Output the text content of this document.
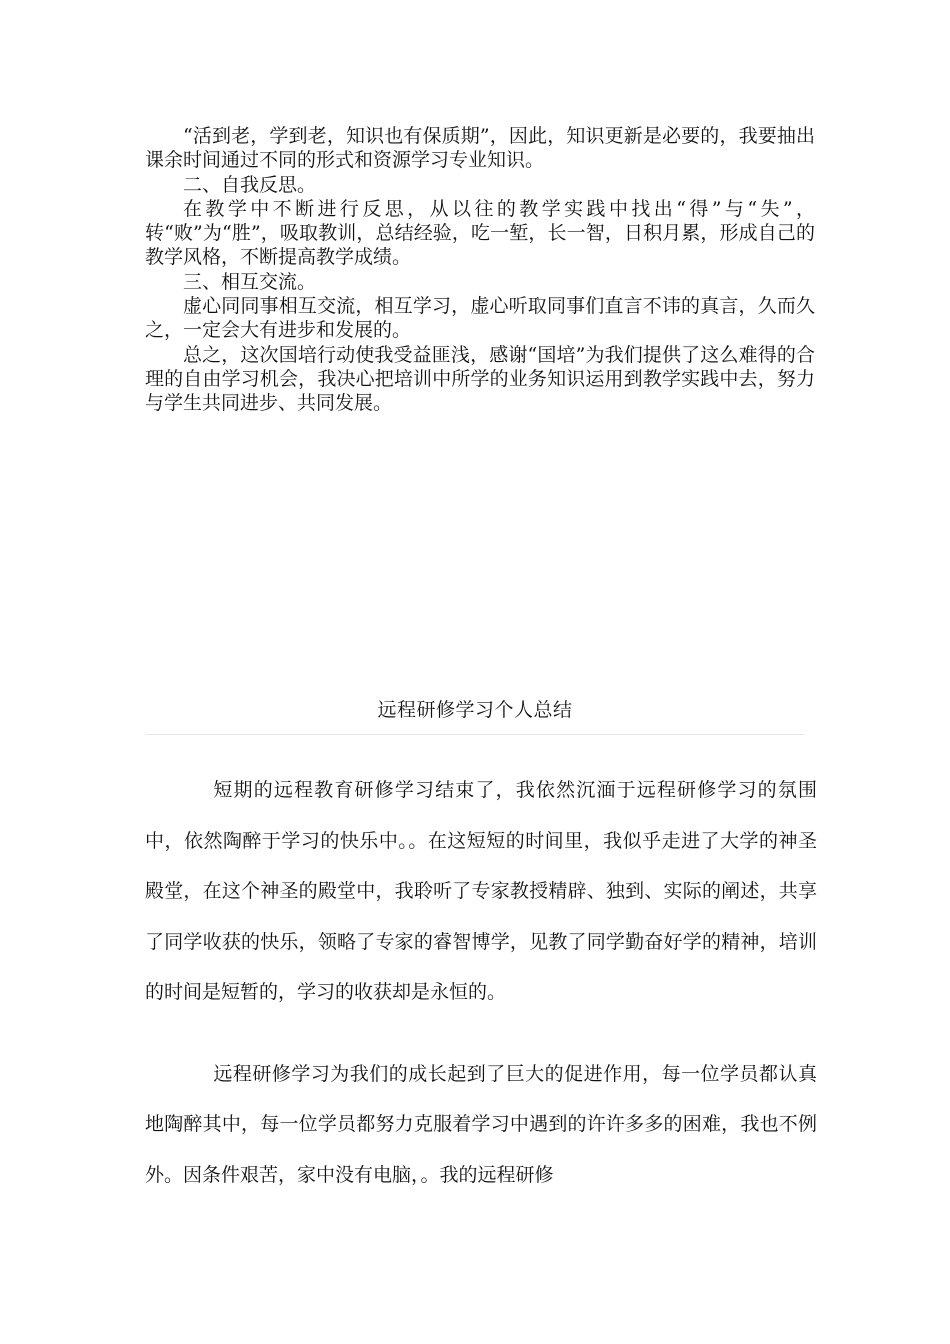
“活到老，学到老，知识也有保质期”，因此，知识更新是必要的，我要抽出课余时间通过不同的形式和资源学习专业知识。

二、自我反思。

在教学中不断进行反思，从以往的教学实践中找出“得”与“失”，转“败”为“胜”，吸取教训，总结经验，吃一堑，长一智，日积月累，形成自己的教学风格，不断提高教学成绩。

三、相互交流。

虚心同同事相互交流，相互学习，虚心听取同事们直言不讳的真言，久而久之，一定会大有进步和发展的。

总之，这次国培行动使我受益匪浅，感谢“国培”为我们提供了这么难得的合理的自由学习机会，我决心把培训中所学的业务知识运用到教学实践中去，努力与学生共同进步、共同发展。

远程研修学习个人总结

短期的远程教育研修学习结束了，我依然沉湎于远程研修学习的氛围中，依然陶醉于学习的快乐中。。在这短短的时间里，我似乎走进了大学的神圣殿堂，在这个神圣的殿堂中，我聆听了专家教授精辟、独到、实际的阐述，共享了同学收获的快乐，领略了专家的睿智博学，见教了同学勤奋好学的精神，培训的时间是短暂的，学习的收获却是永恒的。

远程研修学习为我们的成长起到了巨大的促进作用，每一位学员都认真地陶醉其中，每一位学员都努力克服着学习中遇到的许许多多的困难，我也不例外。因条件艰苦，家中没有电脑，。我的远程研修
